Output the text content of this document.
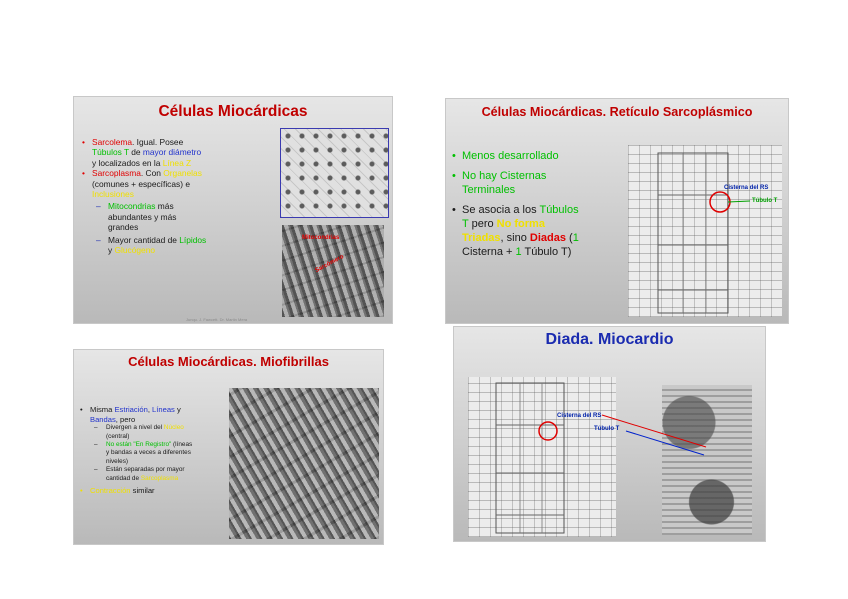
Células Miocárdicas
• Sarcolema. Igual. Posee
Túbulos T de mayor diámetro
y localizados en la Línea Z
• Sarcoplasma. Con Organelas
(comunes + específicas) e
Inclusiones
– Mitocondrias más
abundantes y más
grandes
– Mayor cantidad de Lípidos
y Glucógeno
Mitocondrias
Sarcómero
Junqu. J. Fawcett. Dr. Martin Mera
Células Miocárdicas. Retículo Sarcoplásmico
• Menos desarrollado
• No hay Cisternas
Terminales
• Se asocia a los Túbulos
T pero No forma
Triadas, sino Diadas (1
Cisterna + 1 Túbulo T)
Cisterna del RS
Túbulo T
Células Miocárdicas. Miofibrillas
• Misma Estriación, Líneas y
Bandas, pero
– Divergen a nivel del Núcleo
(central)
– No están "En Registro" (líneas
y bandas a veces a diferentes
niveles)
– Están separadas por mayor
cantidad de Sarcoplasma
• Contracción similar
Diada. Miocardio
Cisterna del RS
Túbulo T
